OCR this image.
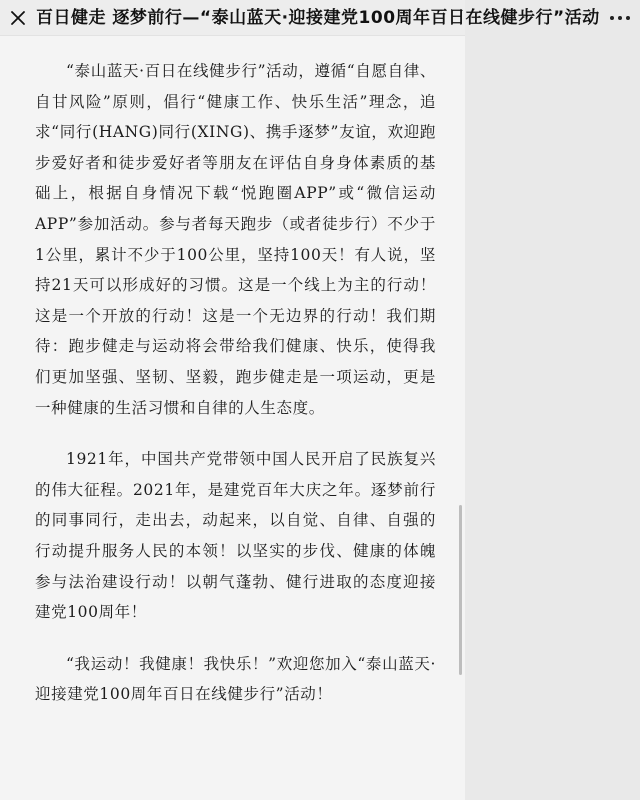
百日健走 逐梦前行—“泰山蓝天·迎接建党100周年百日在线健步行”活动

“泰山蓝天·百日在线健步行”活动，遵循“自愿自律、自甘风险”原则，倡行“健康工作、快乐生活”理念，追求“同行(HANG)同行(XING)、携手逐梦”友谊，欢迎跑步爱好者和徒步爱好者等朋友在评估自身身体素质的基础上，根据自身情况下载“悦跑圈APP”或“微信运动APP”参加活动。参与者每天跑步（或者徒步行）不少于1公里，累计不少于100公里，坚持100天！有人说，坚持21天可以形成好的习惯。这是一个线上为主的行动！这是一个开放的行动！这是一个无边界的行动！我们期待：跑步健走与运动将会带给我们健康、快乐，使得我们更加坚强、坚韧、坚毅，跑步健走是一项运动，更是一种健康的生活习惯和自律的人生态度。

1921年，中国共产党带领中国人民开启了民族复兴的伟大征程。2021年，是建党百年大庆之年。逐梦前行的同事同行，走出去，动起来，以自觉、自律、自强的行动提升服务人民的本领！以坚实的步伐、健康的体魄参与法治建设行动！以朝气蓬勃、健行进取的态度迎接建党100周年！

“我运动！我健康！我快乐！”欢迎您加入“泰山蓝天·迎接建党100周年百日在线健步行”活动！
